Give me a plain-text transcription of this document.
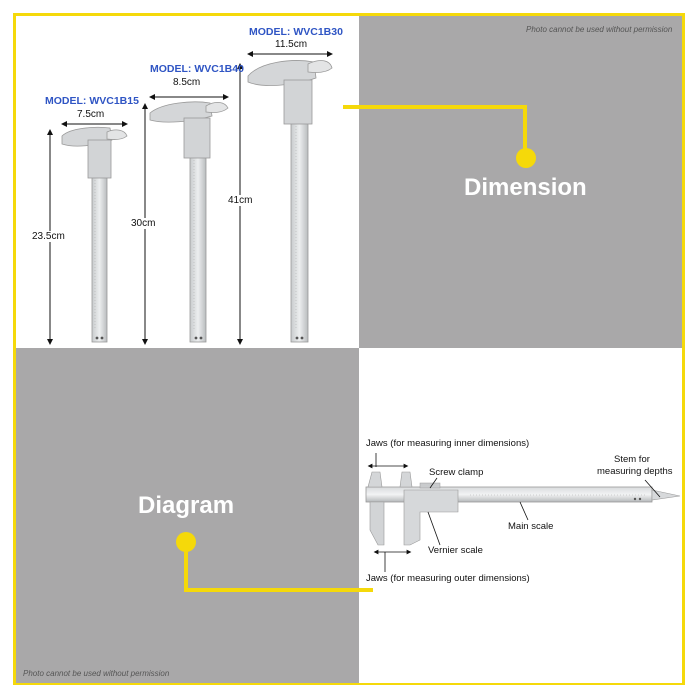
Photo cannot be used without permission
Photo cannot be used without permission
Dimension
Diagram
MODEL: WVC1B15
MODEL: WVC1B40
MODEL: WVC1B30
7.5cm
8.5cm
11.5cm
23.5cm
30cm
41cm
Jaws (for measuring inner dimensions)
Screw clamp
Stem for
measuring depths
Main scale
Vernier scale
Jaws (for measuring outer dimensions)
